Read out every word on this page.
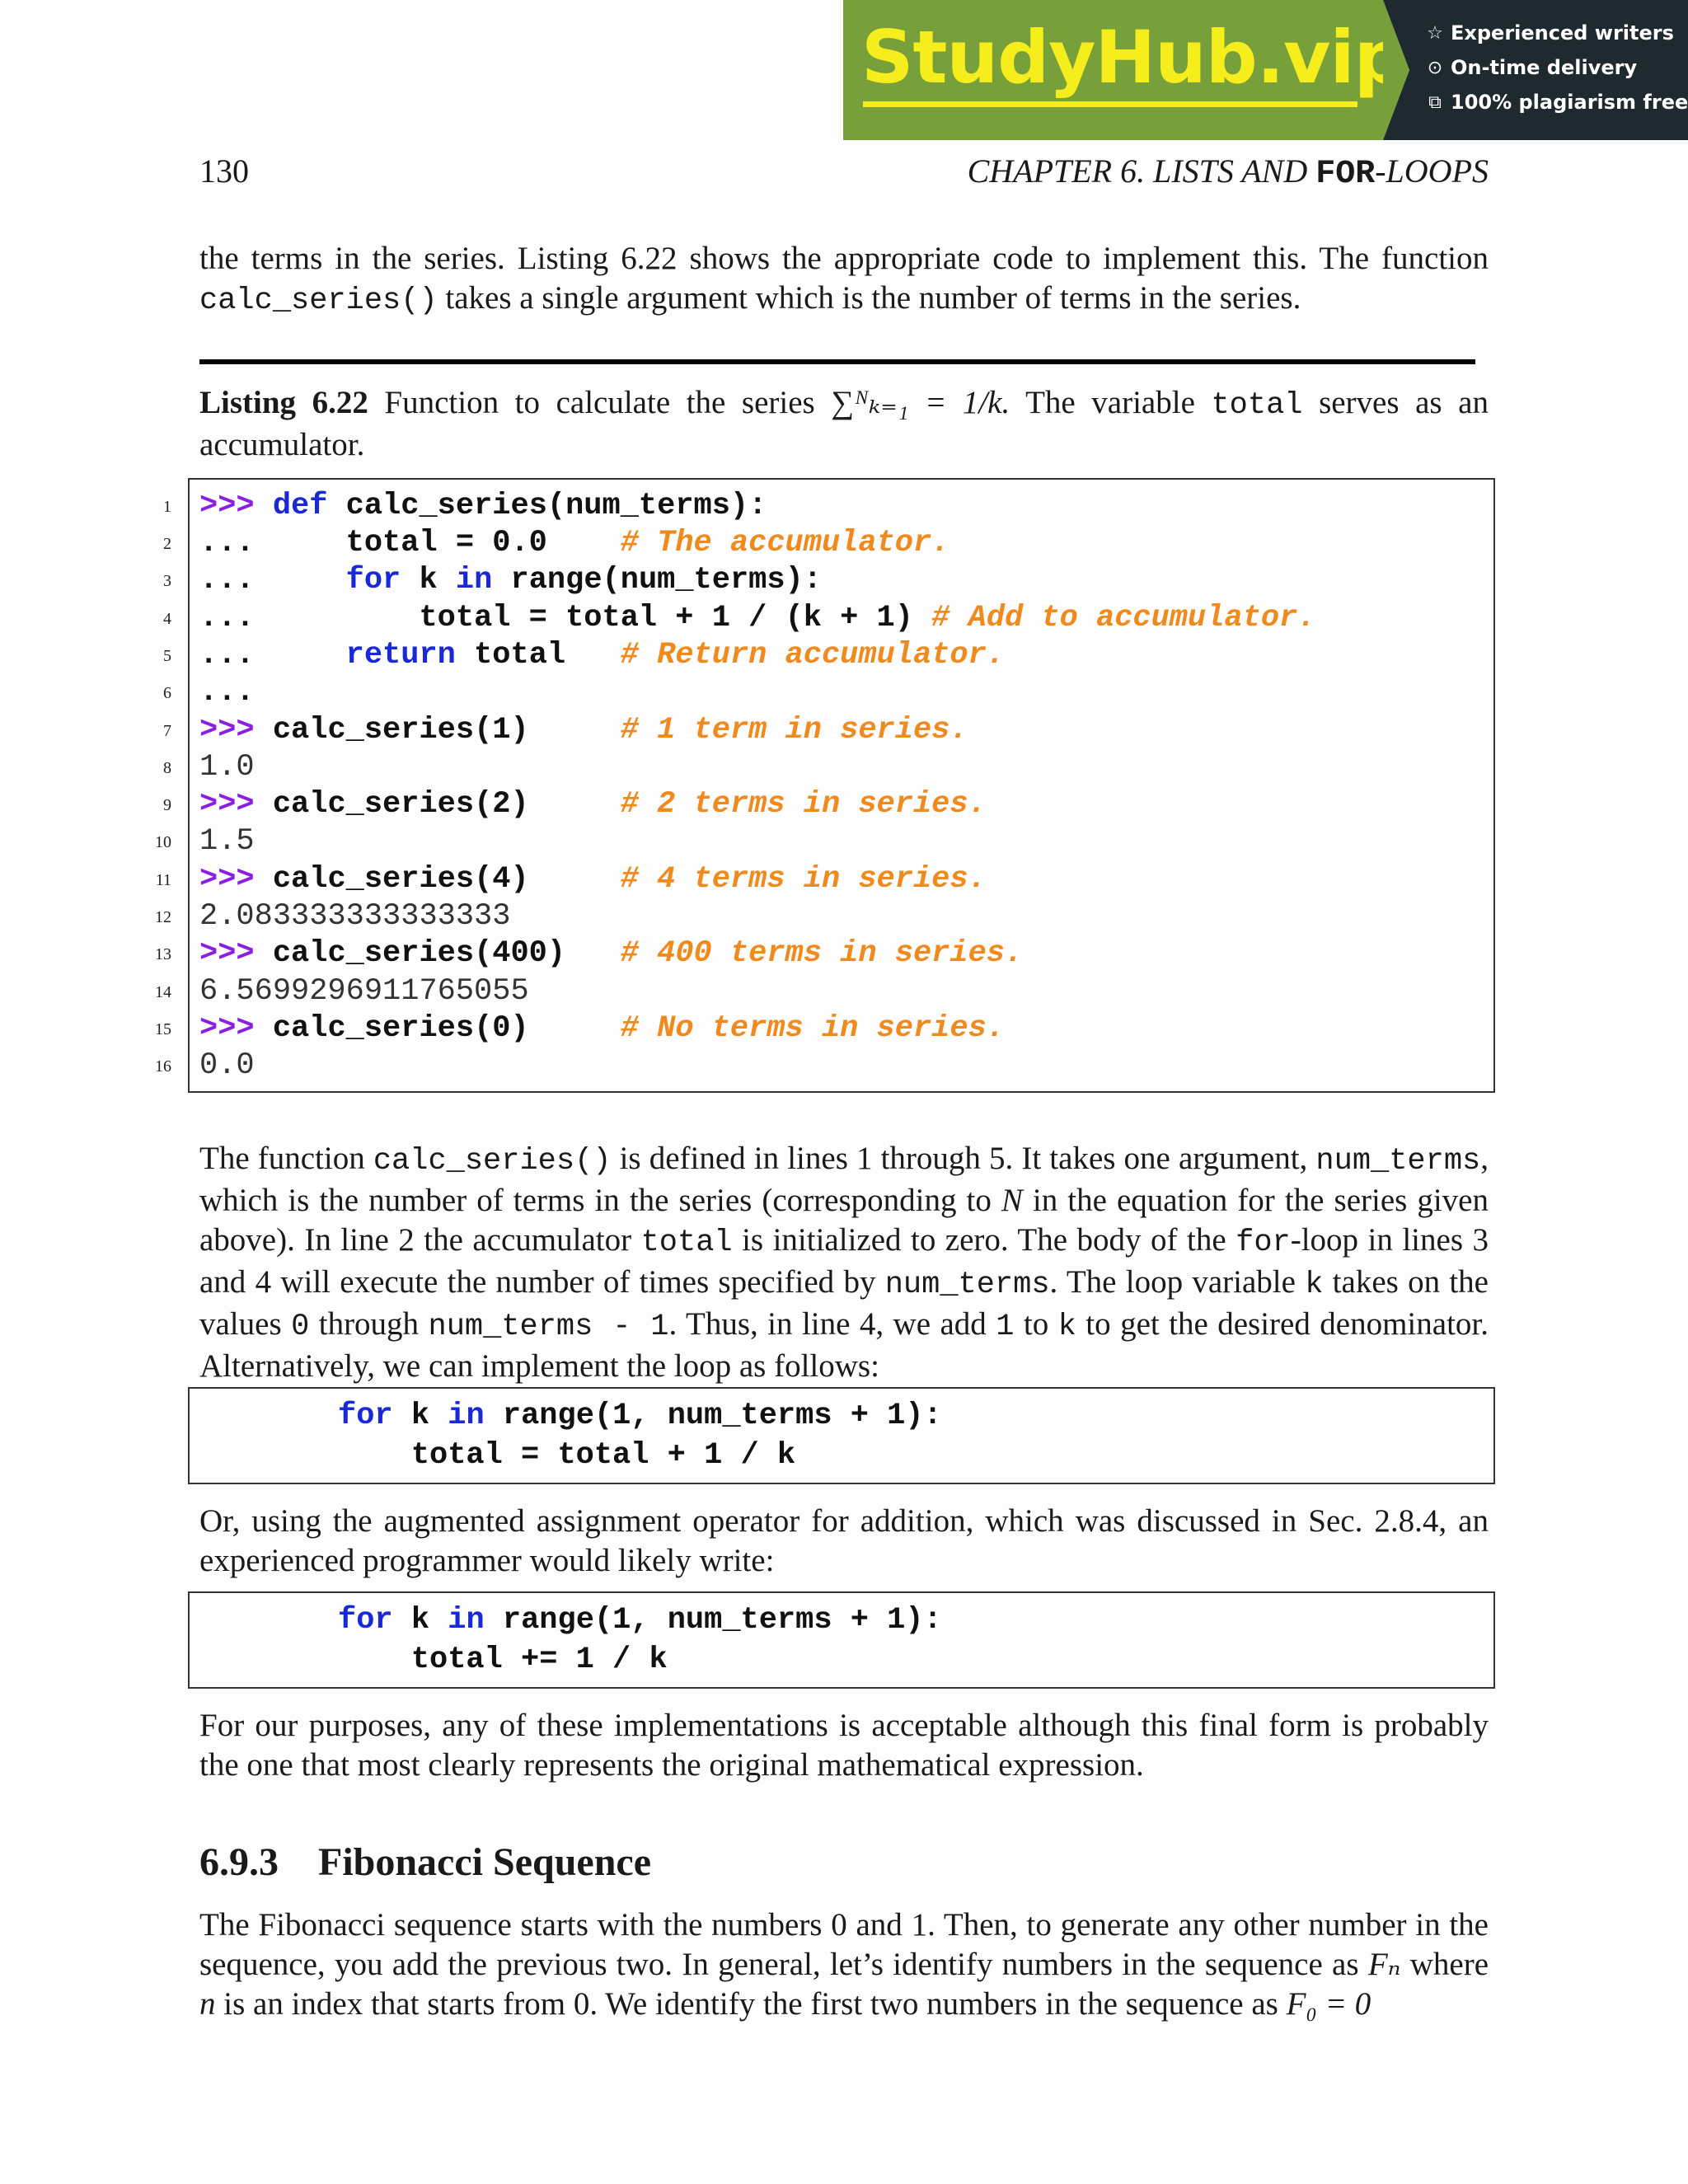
StudyHub.vip ☆ Experienced writers
⊙ On-time delivery
⧉ 100% plagiarism free
130	CHAPTER 6. LISTS AND FOR-LOOPS

the terms in the series. Listing 6.22 shows the appropriate code to implement this. The function calc_series() takes a single argument which is the number of terms in the series.

Listing 6.22 Function to calculate the series ∑ᴺₖ₌₁ = 1/k. The variable total serves as an accumulator.

1
2
3
4
5
6
7
8
9
10
11
12
13
14
15
16
>>> def calc_series(num_terms):
...     total = 0.0    # The accumulator.
...     for k in range(num_terms):
...         total = total + 1 / (k + 1) # Add to accumulator.
...     return total   # Return accumulator.
...
>>> calc_series(1)     # 1 term in series.
1.0
>>> calc_series(2)     # 2 terms in series.
1.5
>>> calc_series(4)     # 4 terms in series.
2.083333333333333
>>> calc_series(400)   # 400 terms in series.
6.5699296911765055
>>> calc_series(0)     # No terms in series.
0.0

The function calc_series() is defined in lines 1 through 5. It takes one argument, num_terms, which is the number of terms in the series (corresponding to N in the equation for the series given above). In line 2 the accumulator total is initialized to zero. The body of the for-loop in lines 3 and 4 will execute the number of times specified by num_terms. The loop variable k takes on the values 0 through num_terms - 1. Thus, in line 4, we add 1 to k to get the desired denominator. Alternatively, we can implement the loop as follows:

for k in range(1, num_terms + 1):
total = total + 1 / k

Or, using the augmented assignment operator for addition, which was discussed in Sec. 2.8.4, an experienced programmer would likely write:

for k in range(1, num_terms + 1):
total += 1 / k

For our purposes, any of these implementations is acceptable although this final form is probably the one that most clearly represents the original mathematical expression.

6.9.3 Fibonacci Sequence

The Fibonacci sequence starts with the numbers 0 and 1. Then, to generate any other number in the sequence, you add the previous two. In general, let’s identify numbers in the sequence as Fₙ where n is an index that starts from 0. We identify the first two numbers in the sequence as F₀ = 0
